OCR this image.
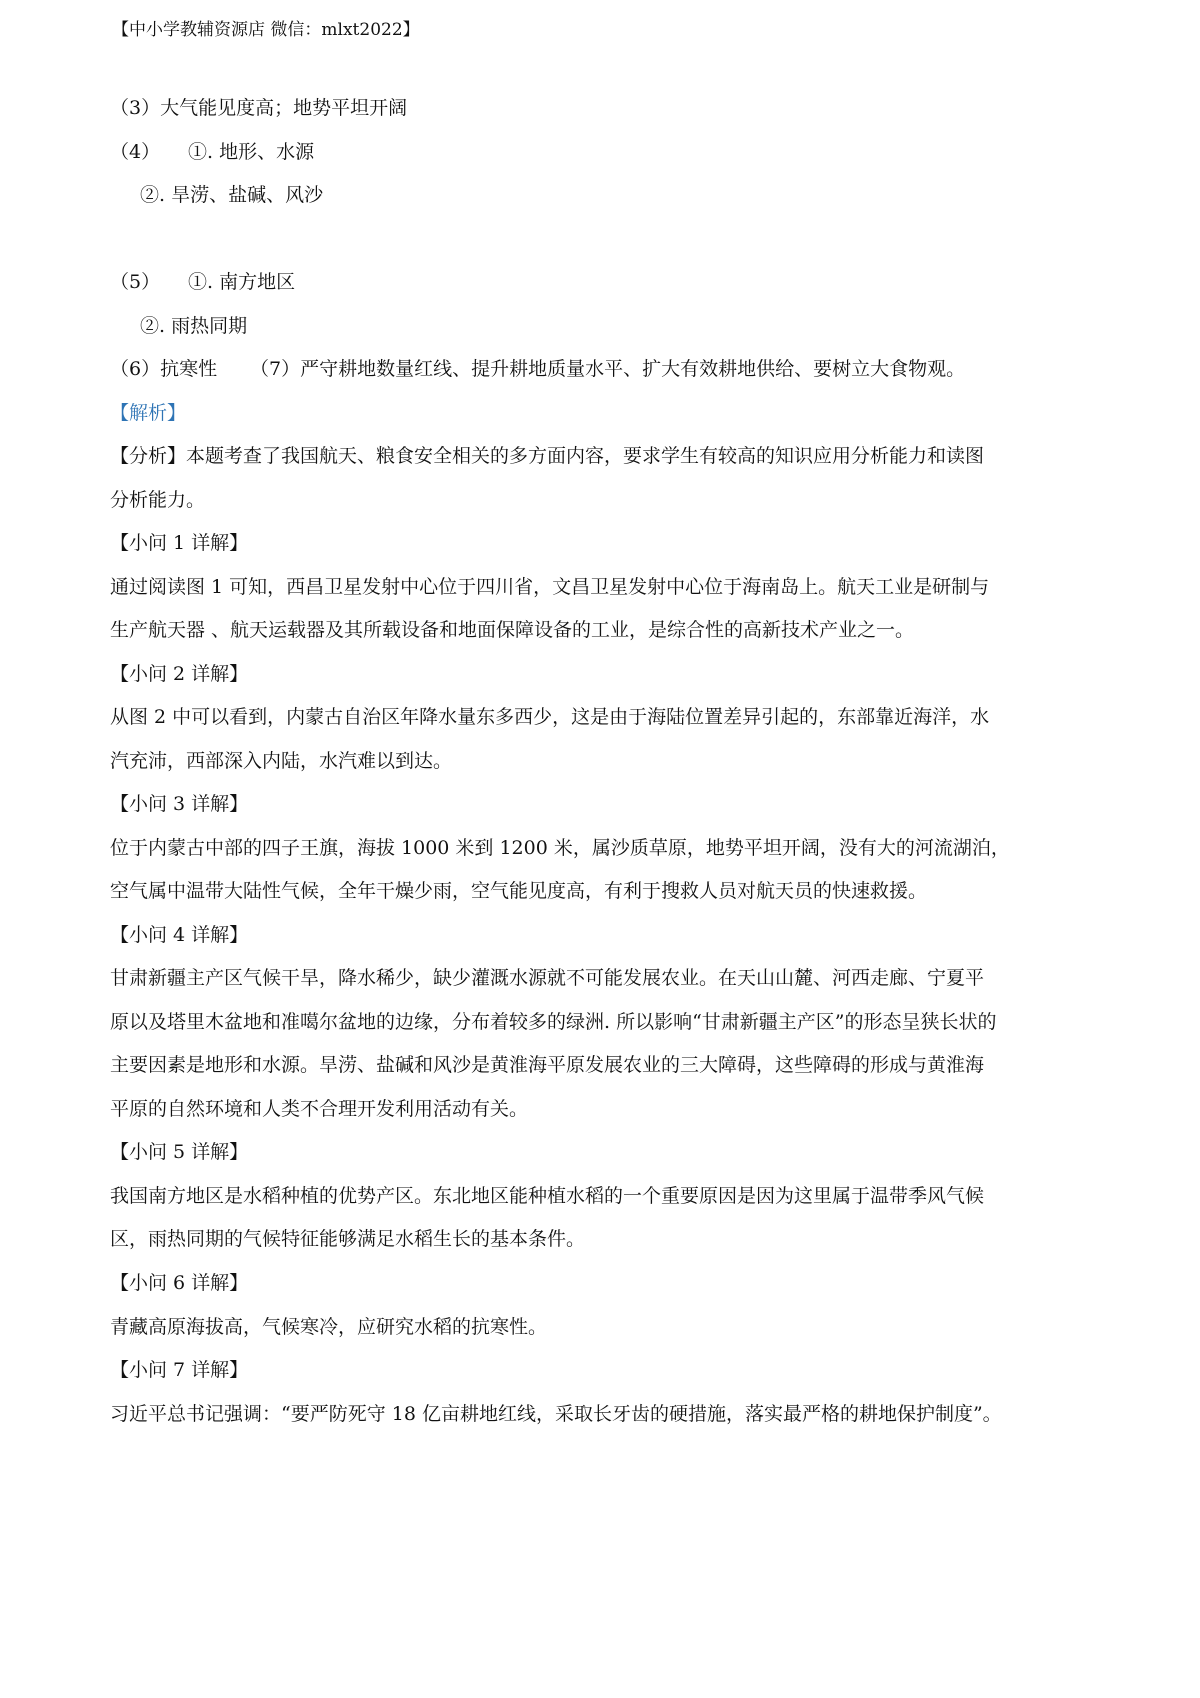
【中小学教辅资源店 微信：mlxt2022】
（3）大气能见度高；地势平坦开阔
（4） ①. 地形、水源
②. 旱涝、盐碱、风沙
（5） ①. 南方地区
②. 雨热同期
（6）抗寒性 （7）严守耕地数量红线、提升耕地质量水平、扩大有效耕地供给、要树立大食物观。
【解析】
【分析】本题考查了我国航天、粮食安全相关的多方面内容，要求学生有较高的知识应用分析能力和读图
分析能力。
【小问 1 详解】
通过阅读图 1 可知，西昌卫星发射中心位于四川省，文昌卫星发射中心位于海南岛上。航天工业是研制与
生产航天器 、航天运载器及其所载设备和地面保障设备的工业，是综合性的高新技术产业之一。
【小问 2 详解】
从图 2 中可以看到，内蒙古自治区年降水量东多西少，这是由于海陆位置差异引起的，东部靠近海洋，水
汽充沛，西部深入内陆，水汽难以到达。
【小问 3 详解】
位于内蒙古中部的四子王旗，海拔 1000 米到 1200 米，属沙质草原，地势平坦开阔，没有大的河流湖泊，
空气属中温带大陆性气候，全年干燥少雨，空气能见度高，有利于搜救人员对航天员的快速救援。
【小问 4 详解】
甘肃新疆主产区气候干旱，降水稀少，缺少灌溉水源就不可能发展农业。在天山山麓、河西走廊、宁夏平
原以及塔里木盆地和准噶尔盆地的边缘，分布着较多的绿洲. 所以影响“甘肃新疆主产区”的形态呈狭长状的
主要因素是地形和水源。旱涝、盐碱和风沙是黄淮海平原发展农业的三大障碍，这些障碍的形成与黄淮海
平原的自然环境和人类不合理开发利用活动有关。
【小问 5 详解】
我国南方地区是水稻种植的优势产区。东北地区能种植水稻的一个重要原因是因为这里属于温带季风气候
区，雨热同期的气候特征能够满足水稻生长的基本条件。
【小问 6 详解】
青藏高原海拔高，气候寒冷，应研究水稻的抗寒性。
【小问 7 详解】
习近平总书记强调：“要严防死守 18 亿亩耕地红线，采取长牙齿的硬措施，落实最严格的耕地保护制度”。
